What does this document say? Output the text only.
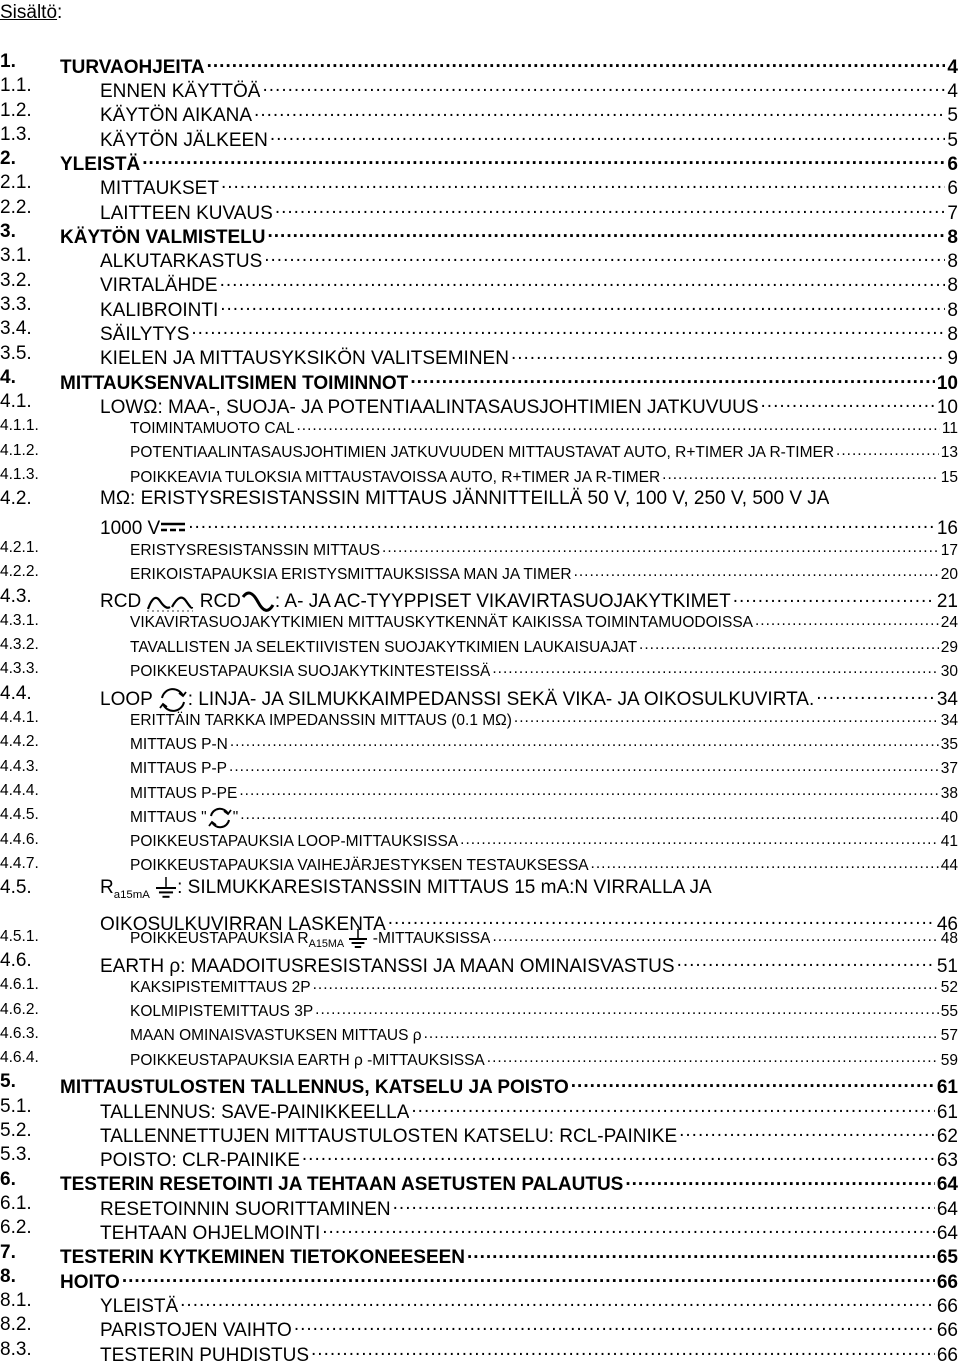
Sisältö:
1. TURVAOHJEITA .....	4
1.1.	ENNEN KÄYTTÖÄ .....	4
1.2.	KÄYTÖN AIKANA .....	5
1.3.	KÄYTÖN JÄLKEEN .....	5
2. YLEISTÄ .....	6
2.1.	MITTAUKSET .....	6
2.2.	LAITTEEN KUVAUS .....	7
3. KÄYTÖN VALMISTELU .....	8
3.1.	ALKUTARKASTUS .....	8
3.2.	VIRTALÄHDE .....	8
3.3.	KALIBROINTI .....	8
3.4.	SÄILYTYS .....	8
3.5.	KIELEN JA MITTAUSYKSIKÖN VALITSEMINEN .....	9
4. MITTAUKSENVALITSIMEN TOIMINNOT .....	10
4.1.	LOWΩ: MAA-, SUOJA- JA POTENTIAALINTASAUSJOHTIMIEN JATKUVUUS .....	10
4.1.1.	TOIMINTAMUOTO CAL .....	11
4.1.2.	POTENTIAALINTASAUSJOHTIMIEN JATKUVUUDEN MITTAUSTAVAT AUTO, R+TIMER JA R-TIMER .....	13
4.1.3.	POIKKEAVIA TULOKSIA MITTAUSTAVOISSA AUTO, R+TIMER JA R-TIMER .....	15
4.2.	MΩ: ERISTYSRESISTANSSIN MITTAUS JÄNNITTEILLÄ 50 V, 100 V, 250 V, 500 V JA
1000 V .....	16
4.2.1.	ERISTYSRESISTANSSIN MITTAUS .....	17
4.2.2.	ERIKOISTAPAUKSIA ERISTYSMITTAUKSISSA MAN JA TIMER .....	20
4.3.	RCD	RCD : A- JA AC-TYYPPISET VIKAVIRTASUOJAKYTKIMET .....	21
4.3.1.	VIKAVIRTASUOJAKYTKIMIEN MITTAUSKYTKENNÄT KAIKISSA TOIMINTAMUODOISSA .....	24
4.3.2.	TAVALLISTEN JA SELEKTIIVISTEN SUOJAKYTKIMIEN LAUKAISUAJAT .....	29
4.3.3.	POIKKEUSTAPAUKSIA SUOJAKYTKINTESTEISSÄ .....	30
4.4.	LOOP : LINJA- JA SILMUKKAIMPEDANSSI SEKÄ VIKA- JA OIKOSULKUVIRTA. .....	34
4.4.1.	ERITTÄIN TARKKA IMPEDANSSIN MITTAUS (0.1 MΩ) .....	34
4.4.2.	MITTAUS P-N .....	35
4.4.3.	MITTAUS P-P .....	37
4.4.4.	MITTAUS P-PE .....	38
4.4.5.	MITTAUS " " .....	40
4.4.6.	POIKKEUSTAPAUKSIA LOOP-MITTAUKSISSA .....	41
4.4.7.	POIKKEUSTAPAUKSIA VAIHEJÄRJESTYKSEN TESTAUKSESSA .....	44
4.5.	$R_{a15mA}$ : SILMUKKARESISTANSSIN MITTAUS 15 mA:N VIRRALLA JA
OIKOSULKUVIRRAN LASKENTA .....	46
4.5.1.	POIKKEUSTAPAUKSIA $R_{A15MA}$ -MITTAUKSISSA .....	48
4.6.	EARTH ρ: MAADOITUSRESISTANSSI JA MAAN OMINAISVASTUS .....	51
4.6.1.	KAKSIPISTEMITTAUS 2P .....	52
4.6.2.	KOLMIPISTEMITTAUS 3P .....	55
4.6.3.	MAAN OMINAISVASTUKSEN MITTAUS ρ .....	57
4.6.4.	POIKKEUSTAPAUKSIA EARTH ρ -MITTAUKSISSA .....	59
5. MITTAUSTULOSTEN TALLENNUS, KATSELU JA POISTO .....	61
5.1.	TALLENNUS: SAVE-PAINIKKEELLA .....	61
5.2.	TALLENNETTUJEN MITTAUSTULOSTEN KATSELU: RCL-PAINIKE .....	62
5.3.	POISTO: CLR-PAINIKE .....	63
6. TESTERIN RESETOINTI JA TEHTAAN ASETUSTEN PALAUTUS .....	64
6.1.	RESETOINNIN SUORITTAMINEN .....	64
6.2.	TEHTAAN OHJELMOINTI .....	64
7. TESTERIN KYTKEMINEN TIETOKONEESEEN .....	65
8. HOITO .....	66
8.1.	YLEISTÄ .....	66
8.2.	PARISTOJEN VAIHTO .....	66
8.3.	TESTERIN PUHDISTUS .....	66
